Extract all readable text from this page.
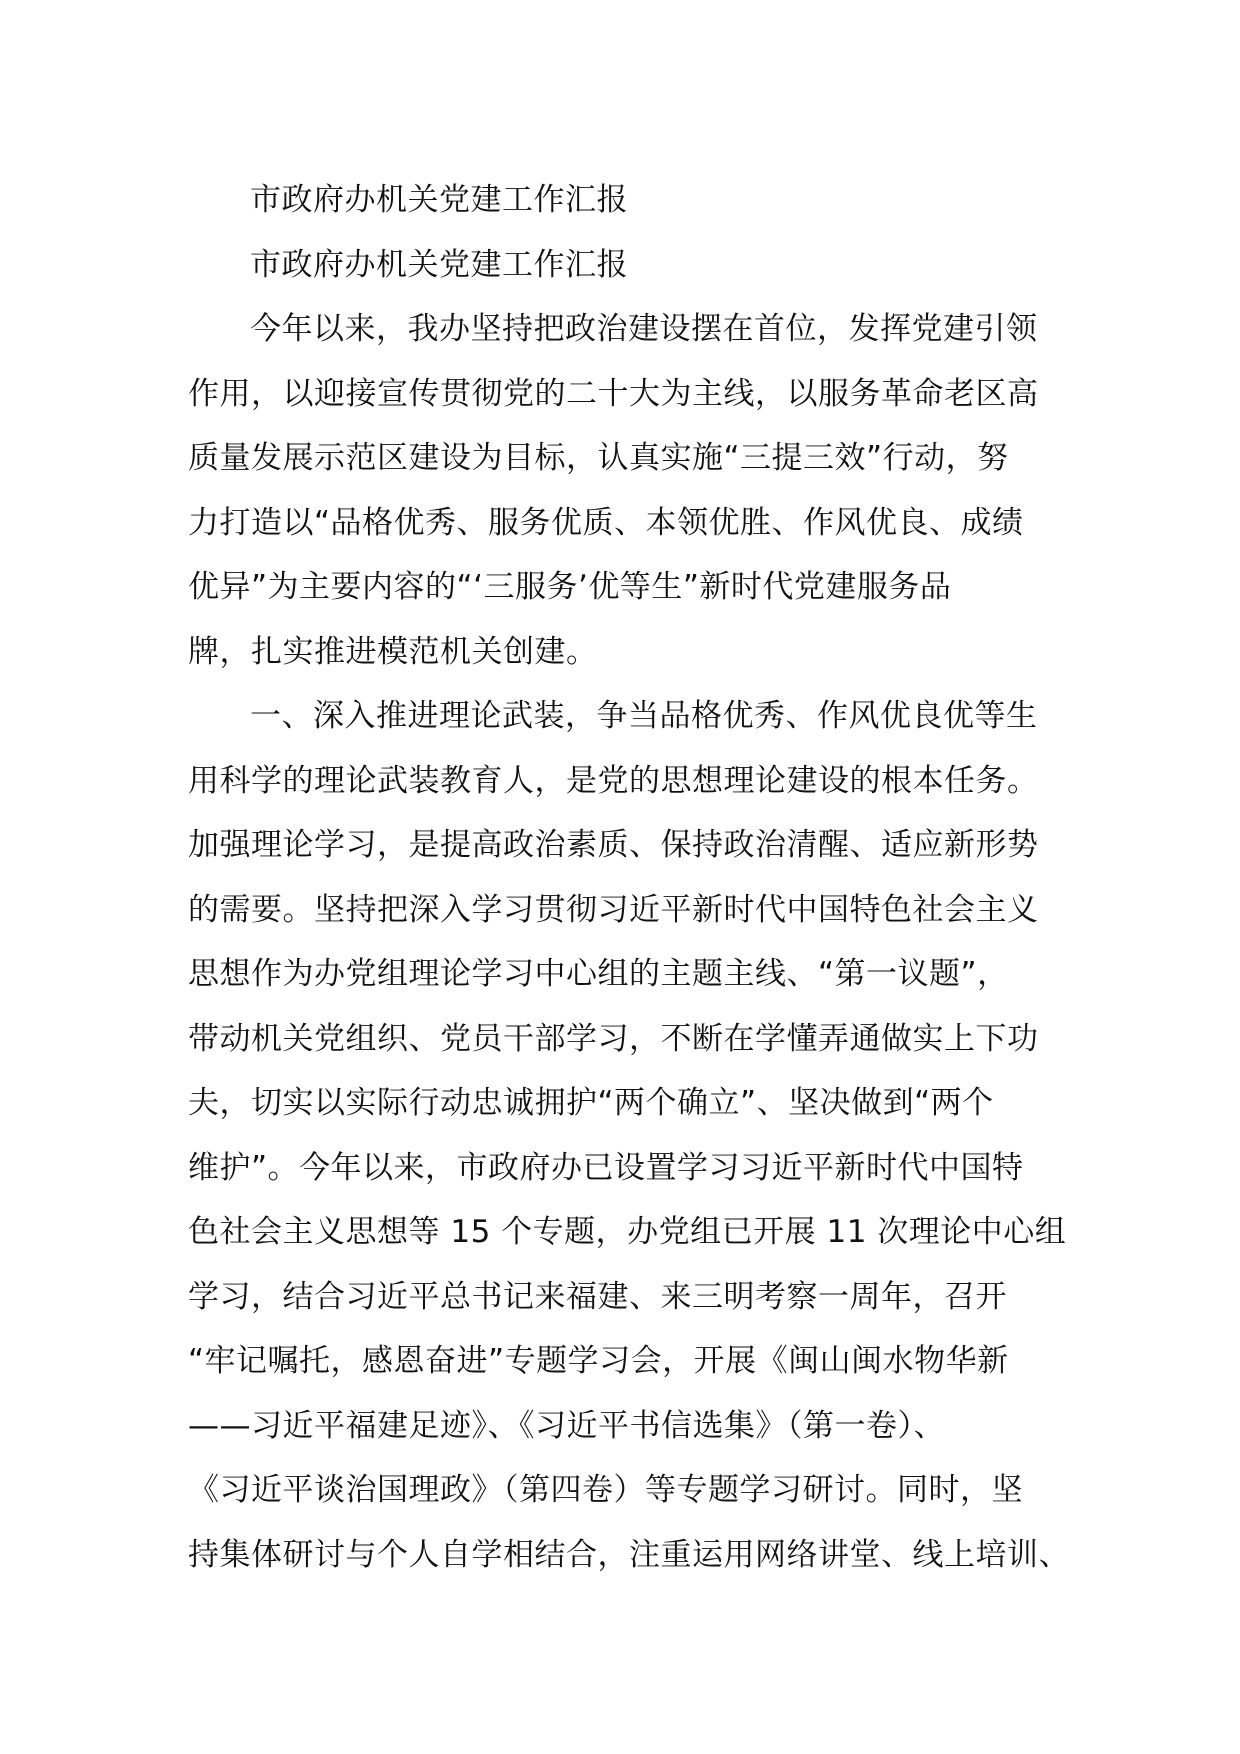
市政府办机关党建工作汇报
市政府办机关党建工作汇报
今年以来，我办坚持把政治建设摆在首位，发挥党建引领
作用，以迎接宣传贯彻党的二十大为主线，以服务革命老区高
质量发展示范区建设为目标，认真实施“三提三效”行动，努
力打造以“品格优秀、服务优质、本领优胜、作风优良、成绩
优异”为主要内容的“‘三服务’优等生”新时代党建服务品
牌，扎实推进模范机关创建。
一、深入推进理论武装，争当品格优秀、作风优良优等生
用科学的理论武装教育人，是党的思想理论建设的根本任务。
加强理论学习，是提高政治素质、保持政治清醒、适应新形势
的需要。坚持把深入学习贯彻习近平新时代中国特色社会主义
思想作为办党组理论学习中心组的主题主线、“第一议题”，
带动机关党组织、党员干部学习，不断在学懂弄通做实上下功
夫，切实以实际行动忠诚拥护“两个确立”、坚决做到“两个
维护”。今年以来，市政府办已设置学习习近平新时代中国特
色社会主义思想等 15 个专题，办党组已开展 11 次理论中心组
学习，结合习近平总书记来福建、来三明考察一周年，召开
“牢记嘱托，感恩奋进”专题学习会，开展《闽山闽水物华新
——习近平福建足迹》、《习近平书信选集》（第一卷）、
《习近平谈治国理政》（第四卷）等专题学习研讨。同时，坚
持集体研讨与个人自学相结合，注重运用网络讲堂、线上培训、
